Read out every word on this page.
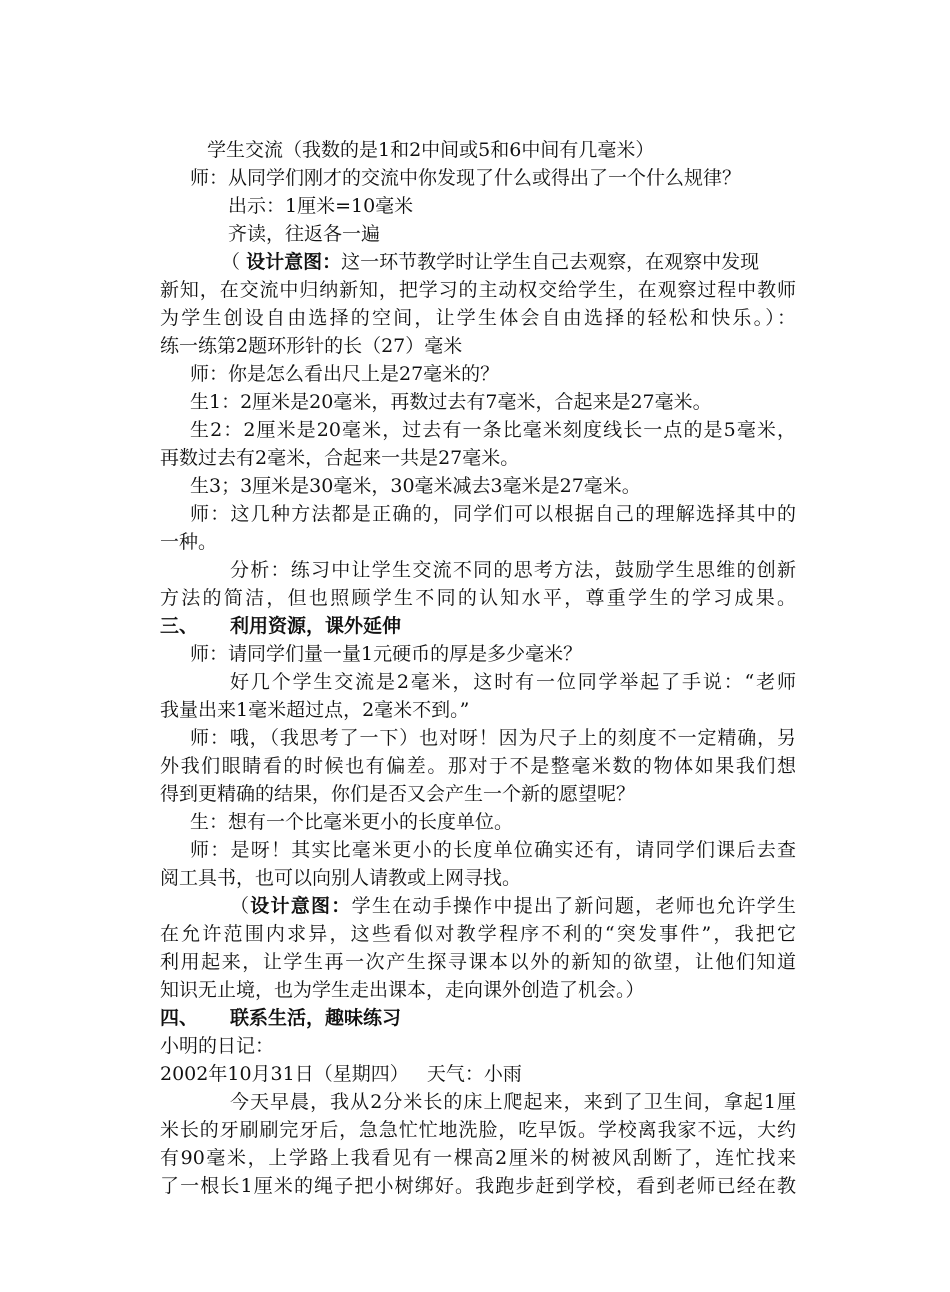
学生交流（我数的是1和2中间或5和6中间有几毫米）
师：从同学们刚才的交流中你发现了什么或得出了一个什么规律？
出示：1厘米=10毫米
齐读，往返各一遍
（ 设计意图：这一环节教学时让学生自己去观察，在观察中发现
新知，在交流中归纳新知，把学习的主动权交给学生，在观察过程中教师
为学生创设自由选择的空间，让学生体会自由选择的轻松和快乐。）：
练一练第2题环形针的长（27）毫米
师：你是怎么看出尺上是27毫米的？
生1：2厘米是20毫米，再数过去有7毫米，合起来是27毫米。
生2：2厘米是20毫米，过去有一条比毫米刻度线长一点的是5毫米，
再数过去有2毫米，合起来一共是27毫米。
生3；3厘米是30毫米，30毫米减去3毫米是27毫米。
师：这几种方法都是正确的，同学们可以根据自己的理解选择其中的
一种。
分析：练习中让学生交流不同的思考方法，鼓励学生思维的创新
方法的简洁，但也照顾学生不同的认知水平，尊重学生的学习成果。
三、 利用资源，课外延伸
师：请同学们量一量1元硬币的厚是多少毫米？
好几个学生交流是2毫米，这时有一位同学举起了手说：“老师
我量出来1毫米超过点，2毫米不到。”
师：哦，（我思考了一下）也对呀！因为尺子上的刻度不一定精确，另
外我们眼睛看的时候也有偏差。那对于不是整毫米数的物体如果我们想
得到更精确的结果，你们是否又会产生一个新的愿望呢？
生：想有一个比毫米更小的长度单位。
师：是呀！其实比毫米更小的长度单位确实还有，请同学们课后去查
阅工具书，也可以向别人请教或上网寻找。
（设计意图：学生在动手操作中提出了新问题，老师也允许学生
在允许范围内求异，这些看似对教学程序不利的“突发事件”，我把它
利用起来，让学生再一次产生探寻课本以外的新知的欲望，让他们知道
知识无止境，也为学生走出课本，走向课外创造了机会。）
四、 联系生活，趣味练习
小明的日记：
2002年10月31日（星期四）   天气：小雨
今天早晨，我从2分米长的床上爬起来，来到了卫生间，拿起1厘
米长的牙刷刷完牙后，急急忙忙地洗脸，吃早饭。学校离我家不远，大约
有90毫米，上学路上我看见有一棵高2厘米的树被风刮断了，连忙找来
了一根长1厘米的绳子把小树绑好。我跑步赶到学校，看到老师已经在教
